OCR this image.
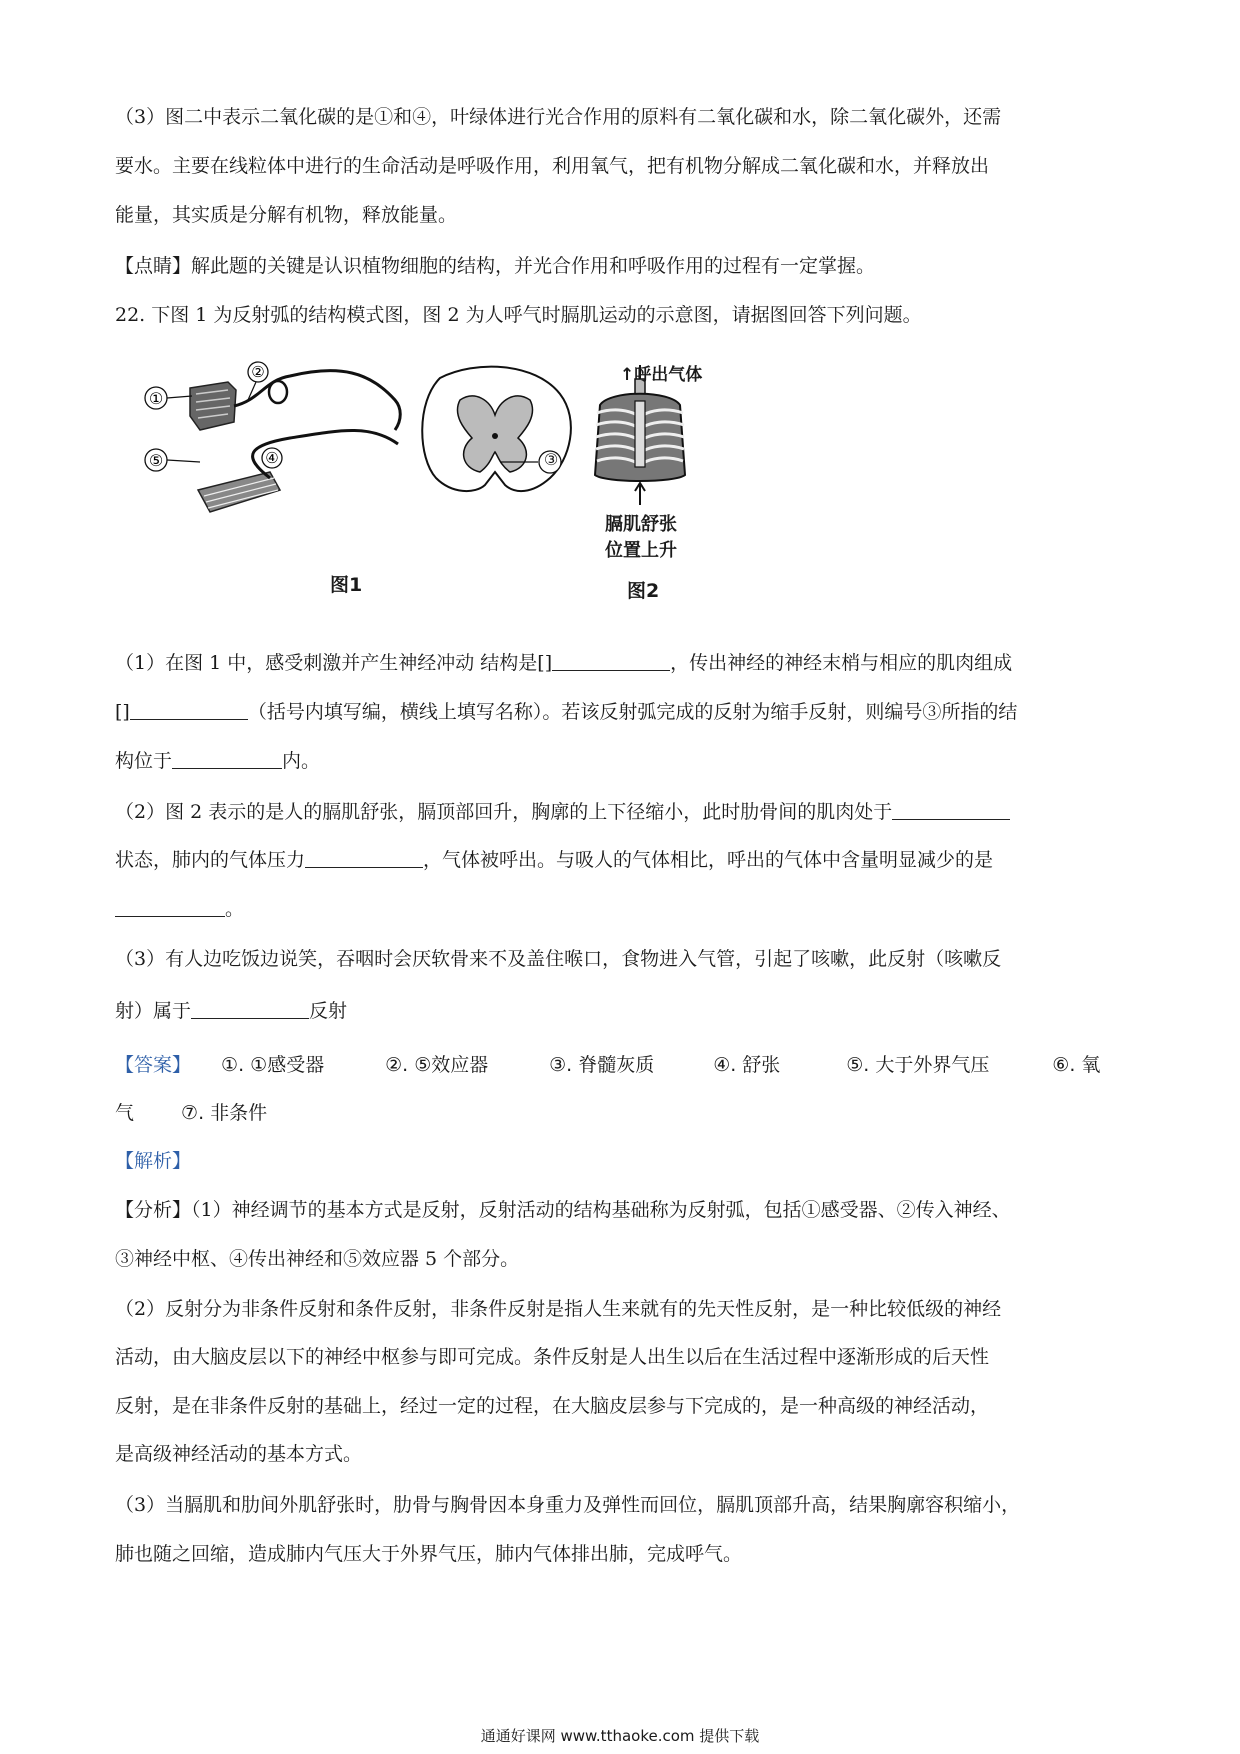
（3）图二中表示二氧化碳的是①和④，叶绿体进行光合作用的原料有二氧化碳和水，除二氧化碳外，还需
要水。主要在线粒体中进行的生命活动是呼吸作用，利用氧气，把有机物分解成二氧化碳和水，并释放出
能量，其实质是分解有机物，释放能量。
【点睛】解此题的关键是认识植物细胞的结构，并光合作用和呼吸作用的过程有一定掌握。
22. 下图 1 为反射弧的结构模式图，图 2 为人呼气时膈肌运动的示意图，请据图回答下列问题。
①
②
④
⑤	③
图1
↑呼出气体
膈肌舒张
位置上升
图2
（1）在图 1 中，感受刺激并产生神经冲动 结构是[]	，传出神经的神经末梢与相应的肌肉组成
[]	（括号内填写编，横线上填写名称）。若该反射弧完成的反射为缩手反射，则编号③所指的结
构位于	内。
（2）图 2 表示的是人的膈肌舒张，膈顶部回升，胸廓的上下径缩小，此时肋骨间的肌肉处于
状态，肺内的气体压力	，气体被呼出。与吸人的气体相比，呼出的气体中含量明显减少的是
。
（3）有人边吃饭边说笑，吞咽时会厌软骨来不及盖住喉口，食物进入气管，引起了咳嗽，此反射（咳嗽反
射）属于	反射
【答案】 ①. ①感受器	②. ⑤效应器	③. 脊髓灰质	④. 舒张	⑤. 大于外界气压	⑥. 氧
气 ⑦. 非条件
【解析】
【分析】（1）神经调节的基本方式是反射，反射活动的结构基础称为反射弧，包括①感受器、②传入神经、
③神经中枢、④传出神经和⑤效应器 5 个部分。
（2）反射分为非条件反射和条件反射，非条件反射是指人生来就有的先天性反射，是一种比较低级的神经
活动，由大脑皮层以下的神经中枢参与即可完成。条件反射是人出生以后在生活过程中逐渐形成的后天性
反射，是在非条件反射的基础上，经过一定的过程，在大脑皮层参与下完成的，是一种高级的神经活动，
是高级神经活动的基本方式。
（3）当膈肌和肋间外肌舒张时，肋骨与胸骨因本身重力及弹性而回位，膈肌顶部升高，结果胸廓容积缩小，
肺也随之回缩，造成肺内气压大于外界气压，肺内气体排出肺，完成呼气。
通通好课网 www.tthaoke.com 提供下载
